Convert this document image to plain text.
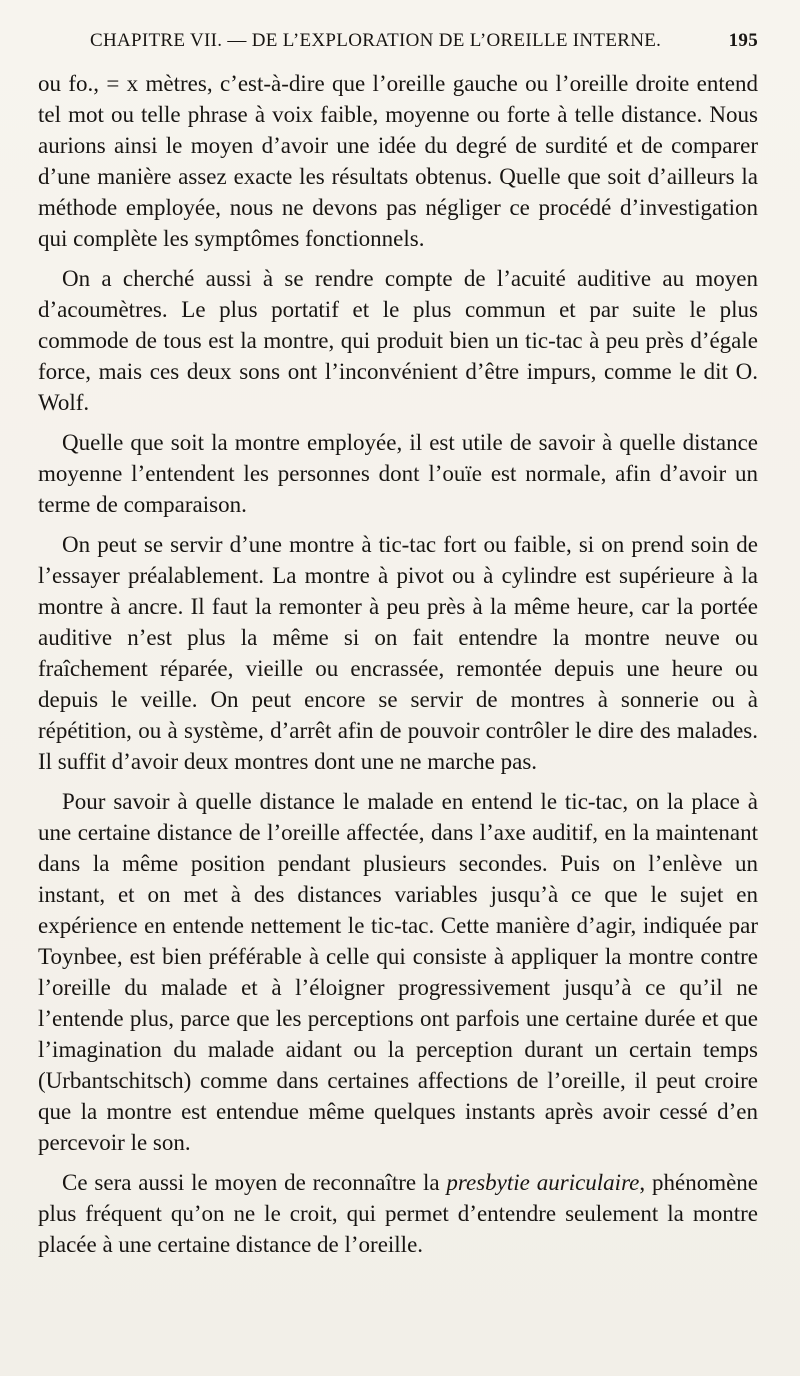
CHAPITRE VII. — DE L’EXPLORATION DE L’OREILLE INTERNE.	195

ou fo., = x mètres, c’est-à-dire que l’oreille gauche ou l’oreille droite entend tel mot ou telle phrase à voix faible, moyenne ou forte à telle distance. Nous aurions ainsi le moyen d’avoir une idée du degré de surdité et de comparer d’une manière assez exacte les résultats obtenus. Quelle que soit d’ailleurs la méthode employée, nous ne devons pas négliger ce procédé d’investigation qui complète les symptômes fonctionnels.

On a cherché aussi à se rendre compte de l’acuité auditive au moyen d’acoumètres. Le plus portatif et le plus commun et par suite le plus commode de tous est la montre, qui produit bien un tic-tac à peu près d’égale force, mais ces deux sons ont l’inconvénient d’être impurs, comme le dit O. Wolf.

Quelle que soit la montre employée, il est utile de savoir à quelle distance moyenne l’entendent les personnes dont l’ouïe est normale, afin d’avoir un terme de comparaison.

On peut se servir d’une montre à tic-tac fort ou faible, si on prend soin de l’essayer préalablement. La montre à pivot ou à cylindre est supérieure à la montre à ancre. Il faut la remonter à peu près à la même heure, car la portée auditive n’est plus la même si on fait entendre la montre neuve ou fraîchement réparée, vieille ou encrassée, remontée depuis une heure ou depuis le veille. On peut encore se servir de montres à sonnerie ou à répétition, ou à système, d’arrêt afin de pouvoir contrôler le dire des malades. Il suffit d’avoir deux montres dont une ne marche pas.

Pour savoir à quelle distance le malade en entend le tic-tac, on la place à une certaine distance de l’oreille affectée, dans l’axe auditif, en la maintenant dans la même position pendant plusieurs secondes. Puis on l’enlève un instant, et on met à des distances variables jusqu’à ce que le sujet en expérience en entende nettement le tic-tac. Cette manière d’agir, indiquée par Toynbee, est bien préférable à celle qui consiste à appliquer la montre contre l’oreille du malade et à l’éloigner progressivement jusqu’à ce qu’il ne l’entende plus, parce que les perceptions ont parfois une certaine durée et que l’imagination du malade aidant ou la perception durant un certain temps (Urbantschitsch) comme dans certaines affections de l’oreille, il peut croire que la montre est entendue même quelques instants après avoir cessé d’en percevoir le son.

Ce sera aussi le moyen de reconnaître la presbytie auriculaire, phénomène plus fréquent qu’on ne le croit, qui permet d’entendre seulement la montre placée à une certaine distance de l’oreille.
